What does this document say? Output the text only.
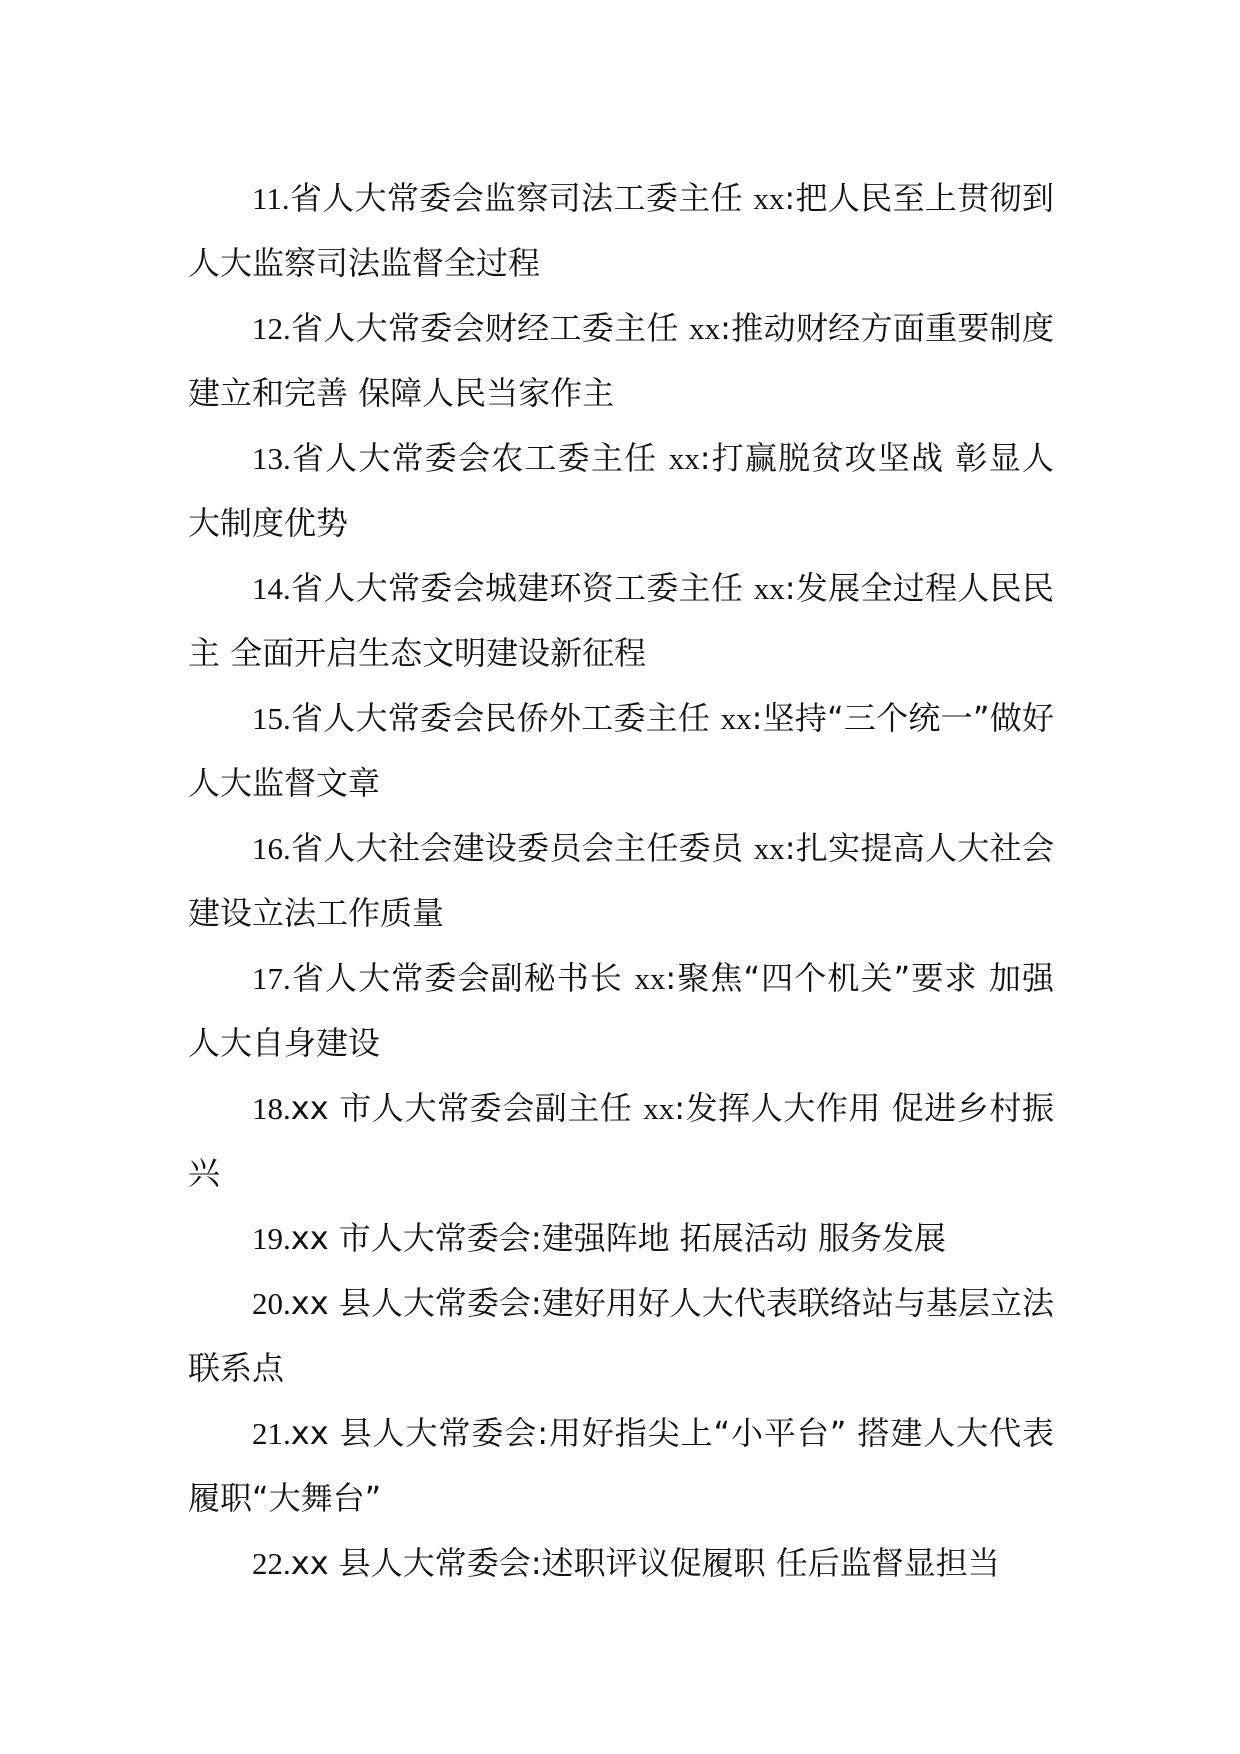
11.省人大常委会监察司法工委主任 xx:把人民至上贯彻到人大监察司法监督全过程

12.省人大常委会财经工委主任 xx:推动财经方面重要制度建立和完善 保障人民当家作主

13.省人大常委会农工委主任 xx:打赢脱贫攻坚战 彰显人大制度优势

14.省人大常委会城建环资工委主任 xx:发展全过程人民民主 全面开启生态文明建设新征程

15.省人大常委会民侨外工委主任 xx:坚持“三个统一”做好人大监督文章

16.省人大社会建设委员会主任委员 xx:扎实提高人大社会建设立法工作质量

17.省人大常委会副秘书长 xx:聚焦“四个机关”要求 加强人大自身建设

18.xx 市人大常委会副主任 xx:发挥人大作用 促进乡村振兴

19.xx 市人大常委会:建强阵地 拓展活动 服务发展

20.xx 县人大常委会:建好用好人大代表联络站与基层立法联系点

21.xx 县人大常委会:用好指尖上“小平台” 搭建人大代表履职“大舞台”

22.xx 县人大常委会:述职评议促履职 任后监督显担当
